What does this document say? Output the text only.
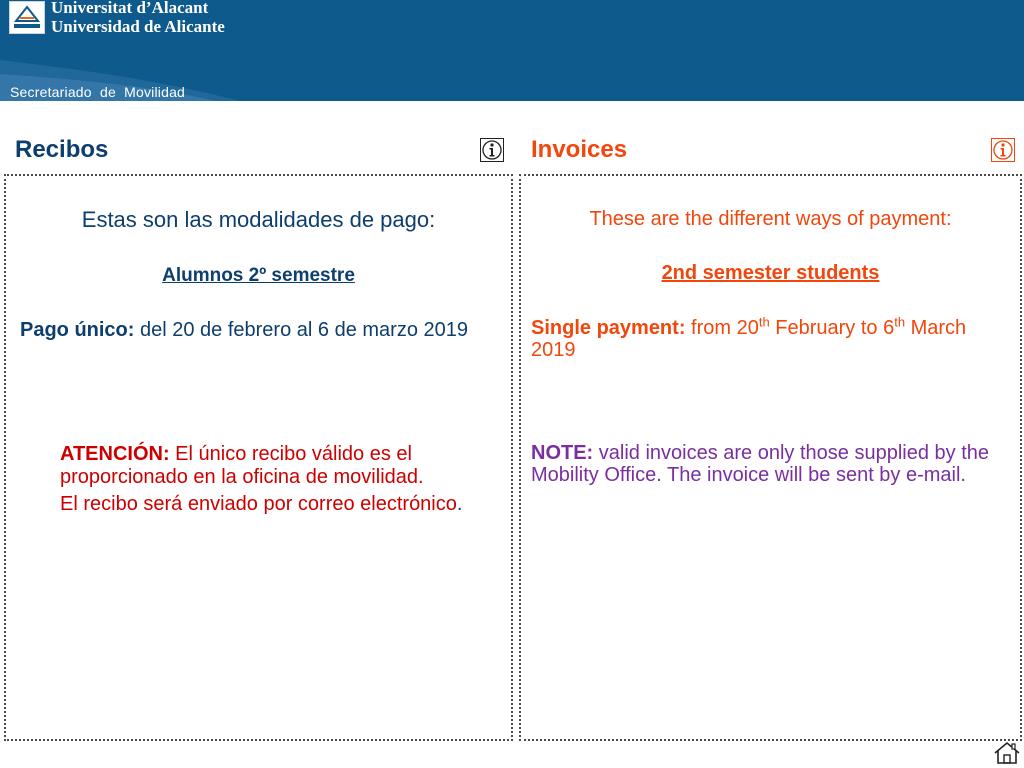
Universitat d’Alacant
Universidad de Alicante
Secretariado  de  Movilidad
Recibos

Estas son las modalidades de pago:

Alumnos 2º semestre

Pago único: del 20 de febrero al 6 de marzo 2019

ATENCIÓN: El único recibo válido es el proporcionado en la oficina de movilidad.

El recibo será enviado por correo electrónico.

Invoices

These are the different ways of payment:

2nd semester students

Single payment: from 20th February to 6th March 2019

NOTE: valid invoices are only those supplied by the Mobility Office. The invoice will be sent by e-mail.
